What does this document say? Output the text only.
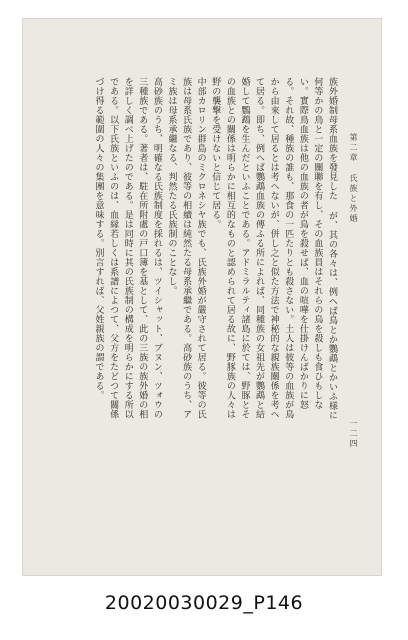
第二章 氏族と外婚
一二四

族外婚制母系血族を發見した が、其の各々は、例へば鳥とか鸚鵡とかいふ様に何等かの鳥と一定の關聯を有し、その血族員はそれらの鳥を殺しも食ひもしない。實際鳥血族は他の血族の者が鳥を殺せば、血の喧嘩を仕掛けんばかりに怒る。それ故、種族の誰も、那食の一匹たりとも殺さない。土人は彼等の血族が鳥から由來して居るとは考へないが、併し之と似た方法で神秘的な親族關係を考へて居る。即ち、例へば鸚鵡血族の傳ふる所によれば、同種族の女祖先が鸚鵡と結婚して鸚鵡を生んだといふことである。アドミラルティ諸島に於ては、野豚とその血族との關係は明らかに相互的なものと認められて居る故に、野豚族の人々は野の襲撃を受けないと信じて居る。

中部カロリン群島のミクロネシヤ族でも、氏族外婚が嚴守されて居る。彼等の氏族は母系氏族であり、彼等の相續は純然たる母系承繼である。高砂族のうち、アミ族は母系承繼なる、判然たる氏族制のことなし。

高砂族のうち、明確なる氏族制度を採れるは、ツイシャット、ブヌン、ツォウの三種族である。著者は、駐在所附處の戸口簿を基として、此の三族の族外婚の相を詳しく調べ上げたのである。是は同時に其の氏族制の構成を明らかにする所以である。以下氏族といふのは、血縁若しくは系譜によつて、父方をたどつて關係づけ得る範圍の人々の集團を意味する。別言すれば、父姓親族の謂である。

20020030029_P146
